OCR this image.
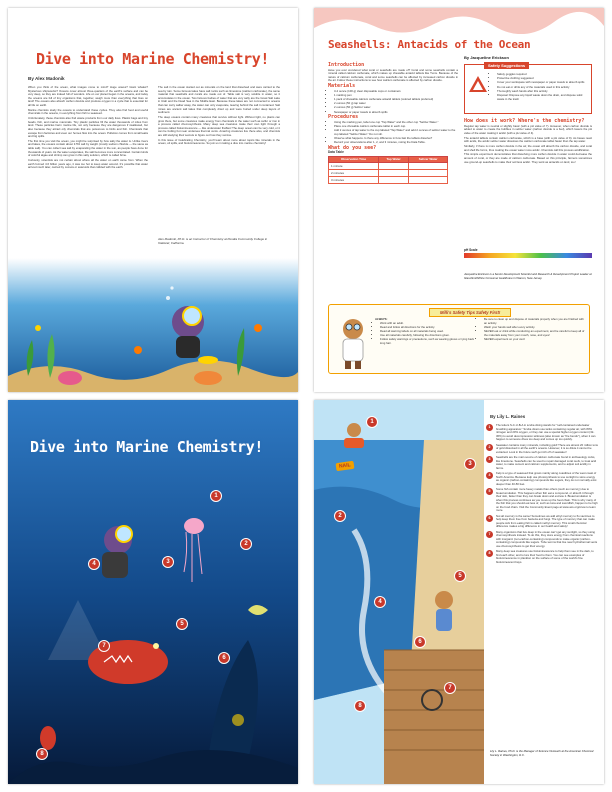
Dive into Marine Chemistry!
By Alex Madonik

When you think of the ocean, what images come to mind? Huge waves? Giant whales? Mysterious shipwrecks? Oceans cover almost three-quarters of the earth's surface and can be very deep, so they are indeed full of wonders. Life on our planet began in the oceans, and today the oceans are full of tiny organisms that, together, weigh more than everything that lives on land! The oceans also absorb carbon dioxide and produce oxygen in a cycle that is essential for all life on earth.

Marine chemists study the oceans to understand these cycles. They also find food and useful chemicals in the oceans, in everything from fish to seaweed.

Unfortunately, these chemists also find waste products from our daily lives. Plastic bags and tiny beads, fish, and marine mammals. Tiny plastic particles fill the water thousands of miles from land. These particles harm marine life, not only because they are dangerous if swallowed, but also because they attract oily chemicals that are poisonous to birds and fish. Chemicals that escape from factories and even our homes flow into the ocean. Pollution comes from small leaks and big spills.

The first time you visit the ocean, you might be surprised by how salty the water is. Unlike rivers and lakes, the oceans contain about 3.5% salt by weight (mostly sodium chloride — the same as table salt). You can collect sea salt by evaporating the water in the sun, as people have done for thousands of years. As the water evaporates, the salt becomes more concentrated. Certain kinds of colorful algae and shrimp can grow in this salty solution, which is called brine.

Curiously, scientists are not certain about where all the water on earth came from. When the earth formed 4.6 billion years ago, it was too hot to keep water around. It's possible that water arrived much later, carried by comets or asteroids that collided with the earth.

The salt in the ocean started out as minerals on the land that dissolved and were carried to the sea by rain. Some famous lakes have salt rocks such as limestone (calcium carbonate), the same material that seashells and corals are made out of. Table salt is very soluble in water, so it accumulates in the ocean. Two famous bodies of water that are very salty are the Great Salt Lake in Utah and the Dead Sea in the Middle East. Because these lakes are not connected to oceans that can carry saltier away, the water can only evaporate, leaving behind the salt it contained. Salt mines are ancient salt lakes that completely dried up and were buried under deep layers of sediment.

The deep oceans contain many creatures that survive without light. Without light, no plants can grow there, but some creatures make energy from chemicals in the water such as sulfur or iron in a process called chemosynthesis. Many deep sea creatures make their own light through a process called bioluminescence — like underwater fireflies! The deep ocean can be very cold, or it can be boiling hot near undersea thermal vents. Amazing creatures live there also, and chemists are still studying their secrets to figure out how they survive.

In this issue of Celebrating Chemistry, you'll learn about more about topics like minerals in the ocean, oil spills, and bioluminescence. So join us in taking a dive into marine chemistry!

Alex Madonik, Ph.D. is an Instructor of Chemistry at Peralta Community College in Oakland, California.
Seashells: Antacids of the Ocean
By Jacqueline Erickson
Introduction

Have you ever wondered what coral or seashells are made of? Coral and some seashells contain a mineral called calcium carbonate, which makes up chewable antacid tablets like Tums. Because of the nature of calcium carbonate, coral and some seashells can be affected by increased carbon dioxide in the air. Follow these instructions to see how calcium carbonate is affected by carbon dioxide.

Materials
• 3-4 ounce (100 g) clear disposable cups or containers
• 1 marking pen
• 1 pack of chewable calcium carbonate antacid tablets (colored tablets preferred)
• 2 ounces (50 g) tap water
• 2 ounces (50 g) Seltzer water
• Newspaper or paper towels to absorb spills
Procedures
• Using the marking pen, label one cup "Tap Water" and the other cup "Seltzer Water."
• Place one chewable calcium carbonate tablet in each cup.
• Add 2 ounces of tap water to the cup labeled "Tap Water" and add 2 ounces of seltzer water to the cup labeled "Seltzer Water." Do not stir.
• Observe what happens. Is there any difference in how fast the tablets dissolve?
• Record your observations after 1, 2, and 3 minutes, noting the Data Table.
What do you see?
Data Table
Observation Time	Tap Water	Seltzer Water
1 minute		
2 minutes		
3 minutes		
• Safety goggles required
• Protective clothing suggested
• Cover your workspace with newspaper or paper towels to absorb spills
• Do not eat or drink any of the materials used in this activity
• Thoroughly wash hands after this activity
• Disposal: Dispose any liquid waste down the drain, and dispose solid waste in the trash
Safety Suggestions
How does it work? Where's the chemistry?

Regular tap water is neutral or slightly basic (with a pH value of 7). However, when carbon dioxide is added to water to create the bubbles in seltzer water (carbon dioxide is a fuel), which lowers the pH value of the water making it acidic (with a pH value of 4).

The antacid tablets contain calcium carbonate, which is a base (with a pH value of 9). As bases react with acids, the acidic seltzer water dissolves the calcium carbonate tablet faster than the tap water.

Similarly, if there is more carbon dioxide in the air, the ocean will absorb the carbon dioxide, and coral and shell life forms, thus making the ocean water more acidic. Chemists call this process acidification.

This simple experiment demonstrates that dissolving more carbon dioxide in water could decrease the amount of coral, or they are made of calcium carbonate. Based on this principle, farmers sometimes use ground-up seashells to make their soil less acidic. They work as antacids on land, too!

pH Scale
Jacqueline Erickson is a Senior Development Scientist and Research & Development Project Leader at GlaxoSmithKline Consumer Healthcare in Warren, New Jersey.
Milli's Safety Tips Safety First!
ALWAYS:
• Work with an adult.
• Read and follow all directions for the activity.
• Read all warning labels on all materials being used.
• Use all materials carefully, following the directions given.
• Follow safety warnings or precautions, such as wearing gloves or tying back long hair.
• Be sure to clean up and dispose of materials properly when you are finished with an activity.
• Wash your hands well after every activity.
• NEVER eat or drink while conducting an experiment, and be careful to keep all of the materials away from your mouth, nose, and eyes!
• NEVER experiment on your own!
Dive into Marine Chemistry!
1
2
3
4
5
6
7
8
NAIL
1
2
3
4
5
6
7
8
By Lily L. Raines
1	The letters S-C-U-B-A in scuba diving stands for "self-contained underwater breathing apparatus." Scuba divers use tanks containing regular air, with 80% nitrogen and 20% oxygen, or they can use a special higher oxygen content (32-36%) to avoid decompression sickness (also known as "the bends"), when it can happen to someone dives too deep and comes up too quickly.
2	Seawater contains many minerals, including gold! There are almost 20 million tons of gold dissolved in all the earth's oceans. However, it is so dilute it cannot be extracted. Look in the future we'll get rich off of seawater!
3	Seashells are the main source of calcium carbonate found in archaeology rocks, like limestone. Seashells can be used to repair damaged coral reefs, to treat acid water, to make cement and calcium supplements, and to adjust soil acidity in farms.
4	Kelp is a type of seaweed that grows mainly along coastlines of the west coast of North America. Because kelp use photosynthesis to use sunlight to store energy as organic (carbon-containing) compounds like sugars, they do not normally exist deeper than 40-50 feet.
5	Some fish contain more heavy metals than others (such as mercury) due to bioaccumulation. This happens when fish eat a compound, or absorb it through their skin, faster than they can break down and excrete it. Bioaccumulation is when this process continues as you move up the food chain. This is why many of the fish that you should eat less of, such as tuna and swordfish, happen to be high on the food chain. Visit the Community Event page at www.acs.org/ccew to learn more.
6	Not all mercury is the same! Sometimes we add ethyl mercury to flu vaccines to help keep them free from bacteria and fungi. The type of mercury that can make people sick from eating fish is called methyl mercury. This small chemical difference makes a big difference in our health and safety!
7	Many organisms that live deep in the ocean can't get any sunlight, so they using chemosynthesis instead. To do this, they store energy from chemical reactions with inorganic (non-carbon-containing) compounds to make organic (carbon-containing) compounds like sugars. Tube worms that live near hydrothermal vents use chemosynthesis to get their energy.
8	Many deep sea creatures use bioluminescence to help them see in the dark, to find each other, and to lure their food to them. You can see examples of bioluminescence in plankton on the surface of some of the world's fine bioluminescent bays.
Lily L. Raines, Ph.D. is the Manager of Science Outreach at the American Chemical Society in Washington, D.C.
